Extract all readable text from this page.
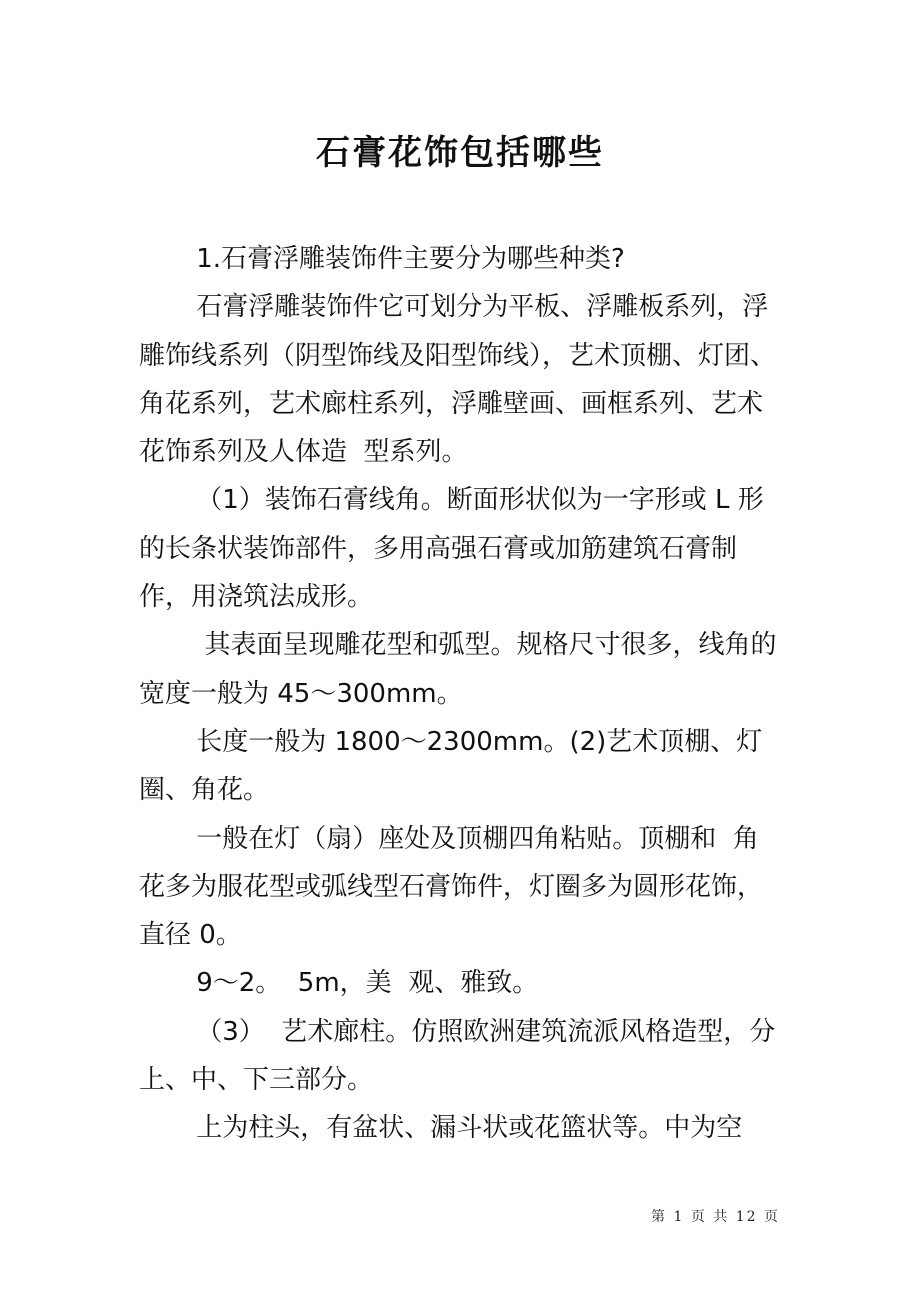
石膏花饰包括哪些

1.石膏浮雕装饰件主要分为哪些种类?

石膏浮雕装饰件它可划分为平板、浮雕板系列，浮雕饰线系列（阴型饰线及阳型饰线），艺术顶棚、灯团、角花系列，艺术廊柱系列，浮雕壁画、画框系列、艺术花饰系列及人体造  型系列。

（1）装饰石膏线角。断面形状似为一字形或 L 形的长条状装饰部件，多用高强石膏或加筋建筑石膏制作，用浇筑法成形。

其表面呈现雕花型和弧型。规格尺寸很多，线角的宽度一般为 45～300mm。

长度一般为 1800～2300mm。(2)艺术顶棚、灯圈、角花。

一般在灯（扇）座处及顶棚四角粘贴。顶棚和  角花多为服花型或弧线型石膏饰件，灯圈多为圆形花饰，直径 0。

9～2。  5m，美  观、雅致。

（3）  艺术廊柱。仿照欧洲建筑流派风格造型，分上、中、下三部分。

上为柱头，有盆状、漏斗状或花篮状等。中为空

第 1 页 共 12 页
